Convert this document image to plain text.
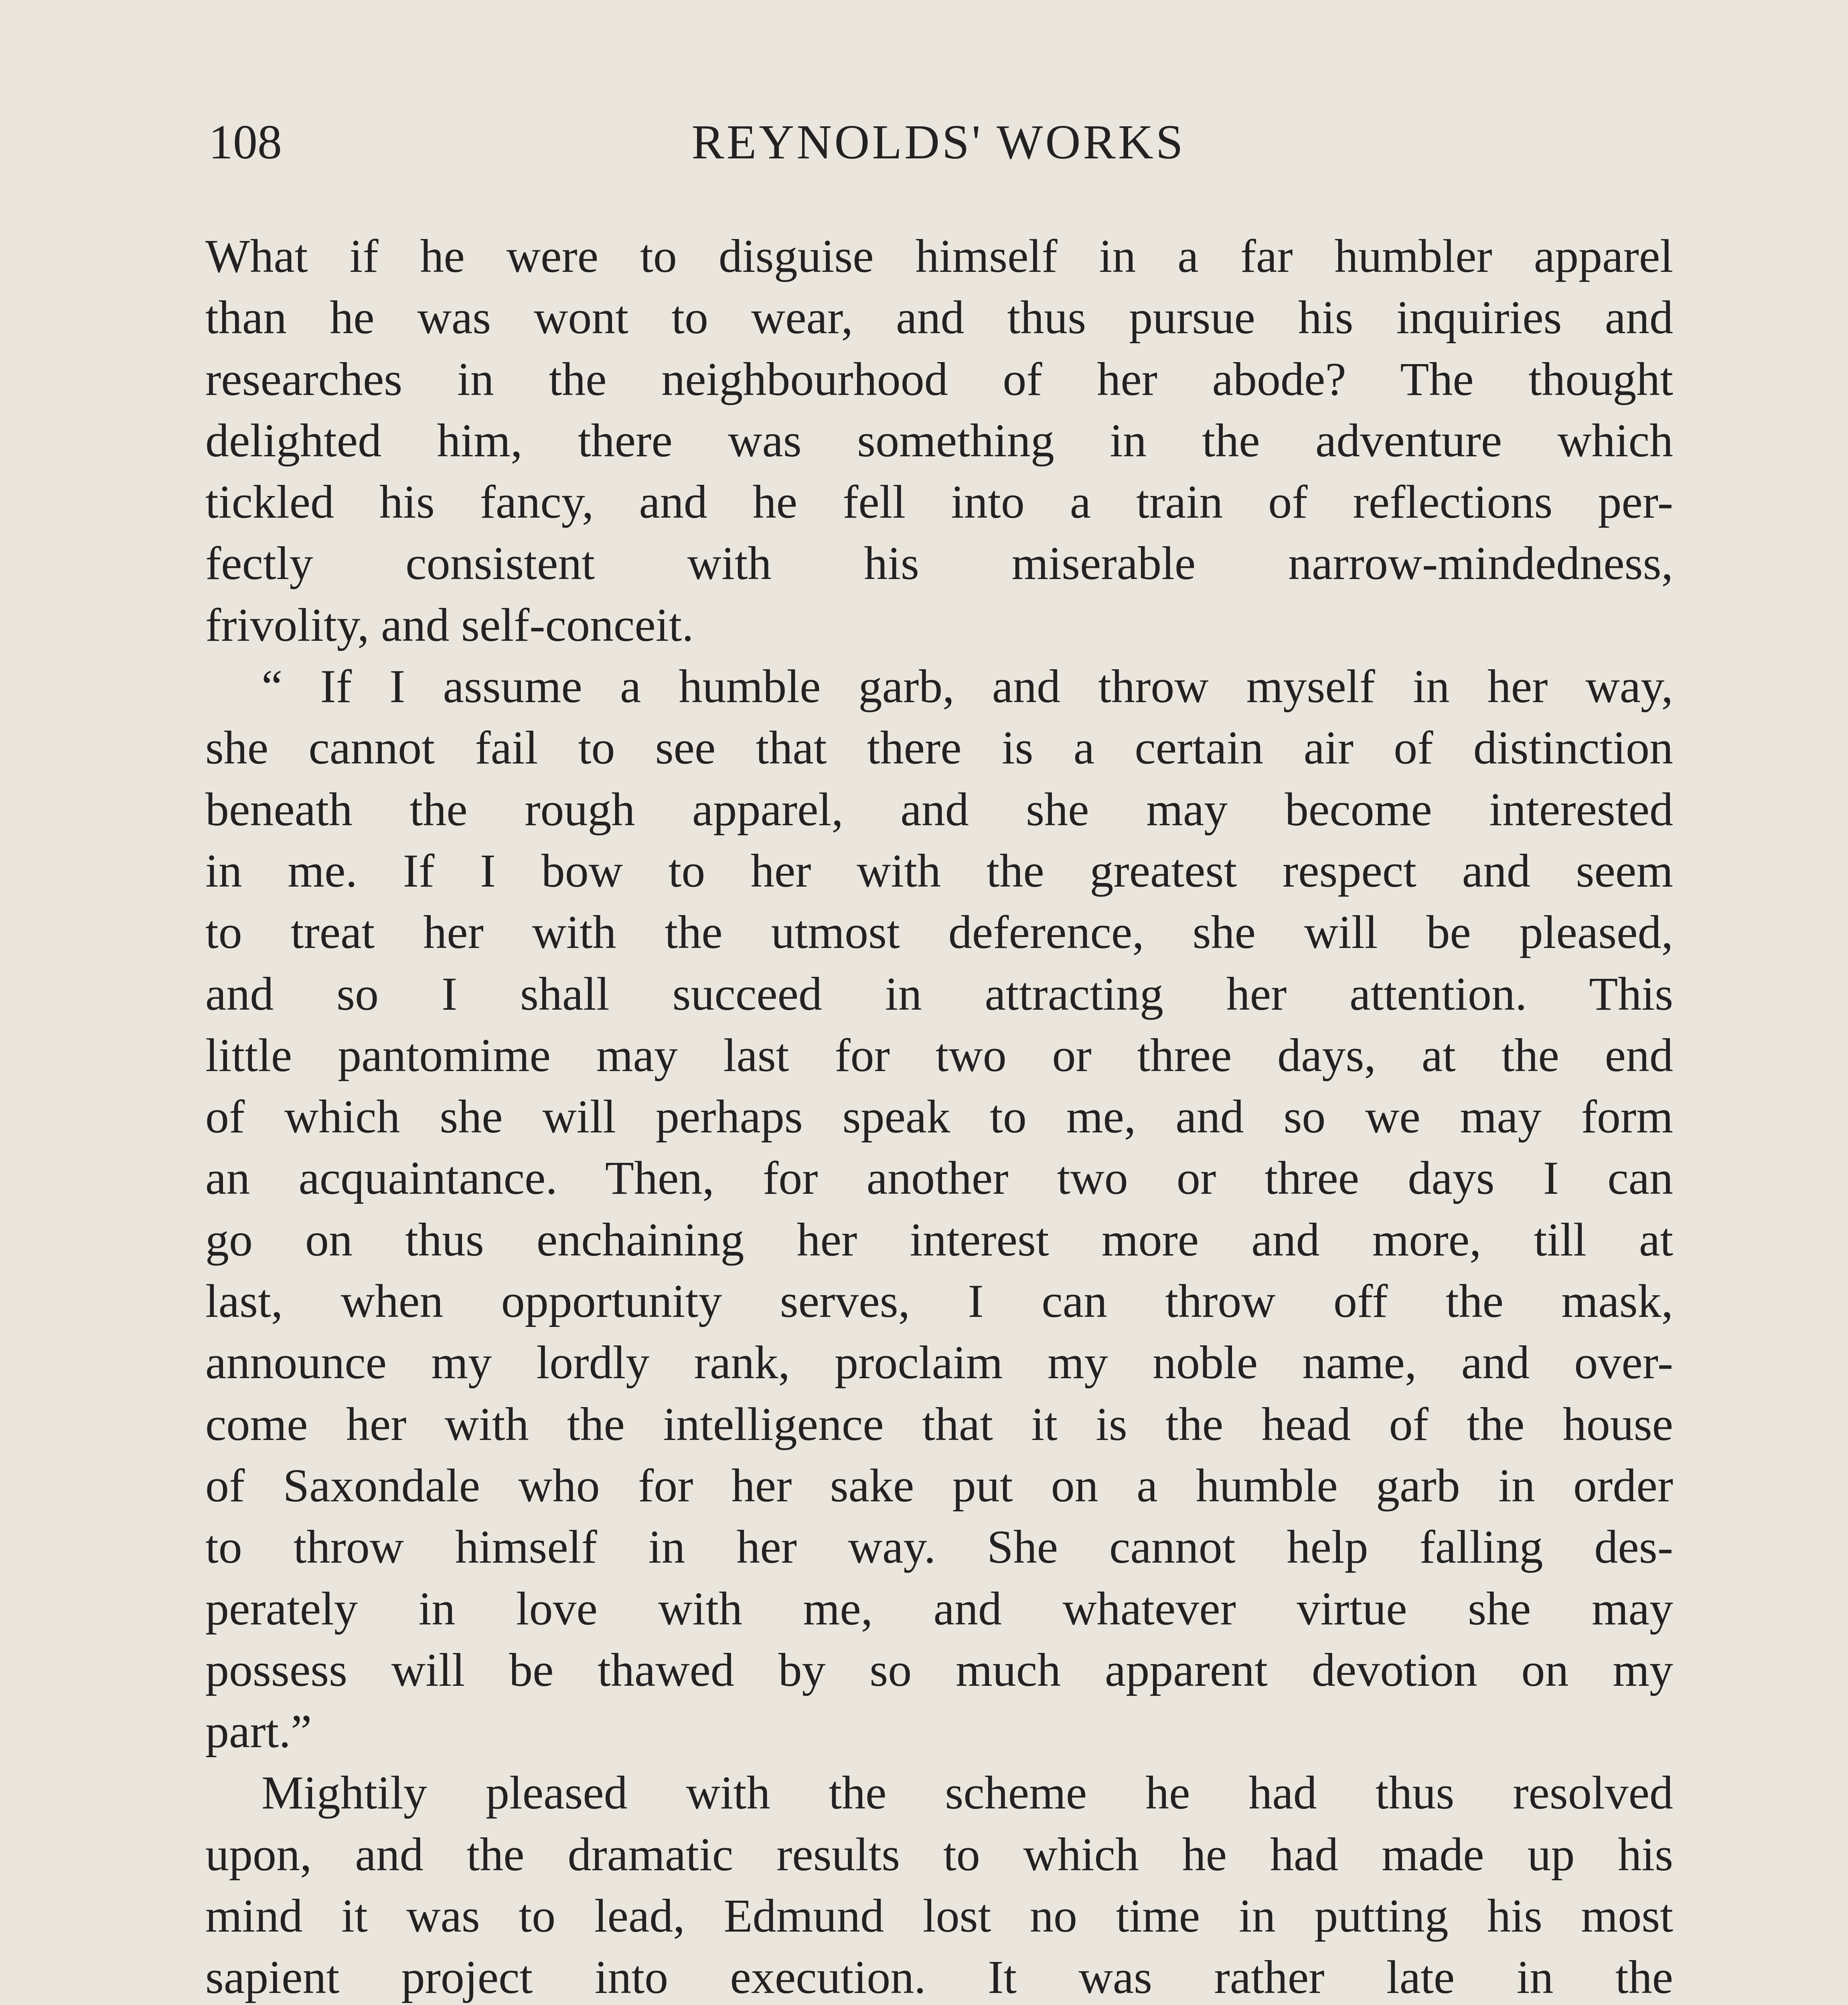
108	REYNOLDS' WORKS
What if he were to disguise himself in a far humbler apparel
than he was wont to wear, and thus pursue his inquiries and
researches in the neighbourhood of her abode? The thought
delighted him, there was something in the adventure which
tickled his fancy, and he fell into a train of reflections per-
fectly consistent with his miserable narrow-mindedness,
frivolity, and self-conceit.
“ If I assume a humble garb, and throw myself in her way,
she cannot fail to see that there is a certain air of distinction
beneath the rough apparel, and she may become interested
in me. If I bow to her with the greatest respect and seem
to treat her with the utmost deference, she will be pleased,
and so I shall succeed in attracting her attention. This
little pantomime may last for two or three days, at the end
of which she will perhaps speak to me, and so we may form
an acquaintance. Then, for another two or three days I can
go on thus enchaining her interest more and more, till at
last, when opportunity serves, I can throw off the mask,
announce my lordly rank, proclaim my noble name, and over-
come her with the intelligence that it is the head of the house
of Saxondale who for her sake put on a humble garb in order
to throw himself in her way. She cannot help falling des-
perately in love with me, and whatever virtue she may
possess will be thawed by so much apparent devotion on my
part.”
Mightily pleased with the scheme he had thus resolved
upon, and the dramatic results to which he had made up his
mind it was to lead, Edmund lost no time in putting his most
sapient project into execution. It was rather late in the
